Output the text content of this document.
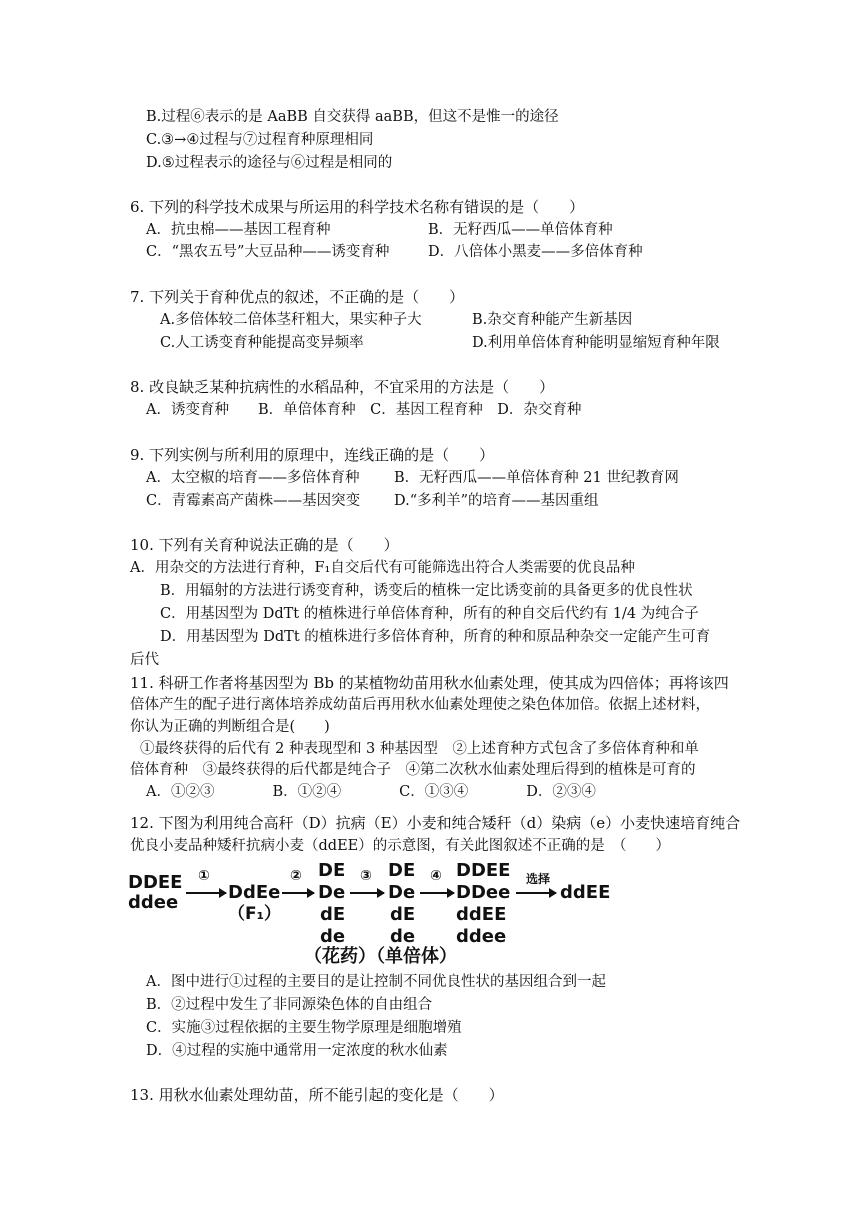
B.过程⑥表示的是 AaBB 自交获得 aaBB，但这不是惟一的途径
C.③→④过程与⑦过程育种原理相同
D.⑤过程表示的途径与⑥过程是相同的
6. 下列的科学技术成果与所运用的科学技术名称有错误的是（　　）
A．抗虫棉——基因工程育种	B．无籽西瓜——单倍体育种
C．“黑农五号”大豆品种——诱变育种	D．八倍体小黑麦——多倍体育种
7. 下列关于育种优点的叙述，不正确的是（　　）
A.多倍体较二倍体茎秆粗大，果实种子大	B.杂交育种能产生新基因
C.人工诱变育种能提高变异频率	D.利用单倍体育种能明显缩短育种年限
8. 改良缺乏某种抗病性的水稻品种，不宜采用的方法是（　　）
A．诱变育种　　B．单倍体育种　C．基因工程育种　D．杂交育种
9. 下列实例与所利用的原理中，连线正确的是（　　）
A．太空椒的培育——多倍体育种 B．无籽西瓜——单倍体育种 21 世纪教育网
C．青霉素高产菌株——基因突变 D.“多利羊”的培育——基因重组
10. 下列有关育种说法正确的是（　　）
A．用杂交的方法进行育种，F₁自交后代有可能筛选出符合人类需要的优良品种
B．用辐射的方法进行诱变育种，诱变后的植株一定比诱变前的具备更多的优良性状
C．用基因型为 DdTt 的植株进行单倍体育种，所有的种自交后代约有 1/4 为纯合子
D．用基因型为 DdTt 的植株进行多倍体育种，所育的种和原品种杂交一定能产生可育
后代
11. 科研工作者将基因型为 Bb 的某植物幼苗用秋水仙素处理，使其成为四倍体；再将该四
倍体产生的配子进行离体培养成幼苗后再用秋水仙素处理使之染色体加倍。依据上述材料，
你认为正确的判断组合是(　　)
①最终获得的后代有 2 种表现型和 3 种基因型　②上述育种方式包含了多倍体育种和单
倍体育种　③最终获得的后代都是纯合子　④第二次秋水仙素处理后得到的植株是可育的
A．①②③　　　　B．①②④　　　　C．①③④　　　　D．②③④
12. 下图为利用纯合高秆（D）抗病（E）小麦和纯合矮秆（d）染病（e）小麦快速培育纯合
优良小麦品种矮秆抗病小麦（ddEE）的示意图，有关此图叙述不正确的是　（　　）
DDEE
ddee
①
DdEe
（F₁）
② DE
De
dE
de
③ DE
De
dE
de
④ DDEE
DDee
ddEE
ddee
选择
ddEE
（花药）（单倍体）
A．图中进行①过程的主要目的是让控制不同优良性状的基因组合到一起
B．②过程中发生了非同源染色体的自由组合
C．实施③过程依据的主要生物学原理是细胞增殖
D．④过程的实施中通常用一定浓度的秋水仙素
13. 用秋水仙素处理幼苗，所不能引起的变化是（　　）
